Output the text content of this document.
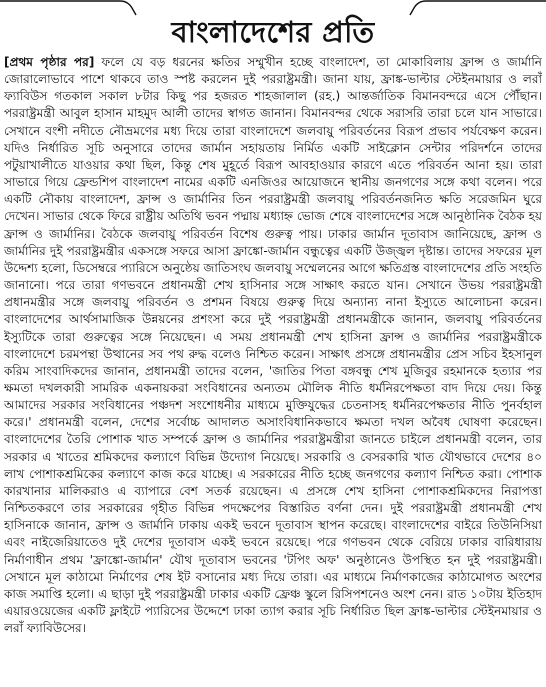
বাংলাদেশের প্রতি
[প্রথম পৃষ্ঠার পর] ফলে যে বড় ধরনের ক্ষতির সম্মুখীন হচ্ছে বাংলাদেশ, তা মোকাবিলায় ফ্রান্স ও জার্মানি জোরালোভাবে পাশে থাকবে তাও স্পষ্ট করলেন দুই পররাষ্ট্রমন্ত্রী। জানা যায়, ফ্রাঙ্ক-ভাল্টার স্টেইনমায়ার ও লরাঁ ফ্যাবিউস গতকাল সকাল ৮টার কিছু পর হজরত শাহজালাল (রহ.) আন্তর্জাতিক বিমানবন্দরে এসে পৌঁছান। পররাষ্ট্রমন্ত্রী আবুল হাসান মাহমুদ আলী তাদের স্বাগত জানান। বিমানবন্দর থেকে সরাসরি তারা চলে যান সাভারে। সেখানে বংশী নদীতে নৌভ্রমণের মধ্য দিয়ে তারা বাংলাদেশে জলবায়ু পরিবর্তনের বিরূপ প্রভাব পর্যবেক্ষণ করেন। যদিও নির্ধারিত সূচি অনুসারে তাদের জার্মান সহায়তায় নির্মিত একটি সাইক্লোন সেন্টার পরিদর্শনে তাদের পটুয়াখালীতে যাওয়ার কথা ছিল, কিন্তু শেষ মুহূর্তে বিরূপ আবহাওয়ার কারণে এতে পরিবর্তন আনা হয়। তারা সাভারে গিয়ে ফ্রেন্ডশিপ বাংলাদেশ নামের একটি এনজিওর আয়োজনে স্থানীয় জনগণের সঙ্গে কথা বলেন। পরে একটি নৌকায় বাংলাদেশ, ফ্রান্স ও জার্মানির তিন পররাষ্ট্রমন্ত্রী জলবায়ু পরিবর্তনজনিত ক্ষতি সরেজমিন ঘুরে দেখেন। সাভার থেকে ফিরে রাষ্ট্রীয় অতিথি ভবন পদ্মায় মধ্যাহ্ন ভোজ শেষে বাংলাদেশের সঙ্গে আনুষ্ঠানিক বৈঠক হয় ফ্রান্স ও জার্মানির। বৈঠকে জলবায়ু পরিবর্তন বিশেষ গুরুত্ব পায়। ঢাকার জার্মান দূতাবাস জানিয়েছে, ফ্রান্স ও জার্মানির দুই পররাষ্ট্রমন্ত্রীর একসঙ্গে সফরে আসা ফ্রাঙ্কো-জার্মান বন্ধুত্বের একটি উজ্জ্বল দৃষ্টান্ত। তাদের সফরের মূল উদ্দেশ্য হলো, ডিসেম্বরে প্যারিসে অনুষ্ঠেয় জাতিসংঘ জলবায়ু সম্মেলনের আগে ক্ষতিগ্রস্ত বাংলাদেশের প্রতি সংহতি জানানো। পরে তারা গণভবনে প্রধানমন্ত্রী শেখ হাসিনার সঙ্গে সাক্ষাৎ করতে যান। সেখানে উভয় পররাষ্ট্রমন্ত্রী প্রধানমন্ত্রীর সঙ্গে জলবায়ু পরিবর্তন ও প্রশমন বিষয়ে গুরুত্ব দিয়ে অন্যান্য নানা ইস্যুতে আলোচনা করেন। বাংলাদেশের আর্থসামাজিক উন্নয়নের প্রশংসা করে দুই পররাষ্ট্রমন্ত্রী প্রধানমন্ত্রীকে জানান, জলবায়ু পরিবর্তনের ইস্যুটিকে তারা গুরুত্বের সঙ্গে নিয়েছেন। এ সময় প্রধানমন্ত্রী শেখ হাসিনা ফ্রান্স ও জার্মানির পররাষ্ট্রমন্ত্রীকে বাংলাদেশে চরমপন্থা উত্থানের সব পথ রুদ্ধ বলেও নিশ্চিত করেন। সাক্ষাৎ প্রসঙ্গে প্রধানমন্ত্রীর প্রেস সচিব ইহসানুল করিম সাংবাদিকদের জানান, প্রধানমন্ত্রী তাদের বলেন, 'জাতির পিতা বঙ্গবন্ধু শেখ মুজিবুর রহমানকে হত্যার পর ক্ষমতা দখলকারী সামরিক একনায়করা সংবিধানের অন্যতম মৌলিক নীতি ধর্মনিরপেক্ষতা বাদ দিয়ে দেয়। কিন্তু আমাদের সরকার সংবিধানের পঞ্চদশ সংশোধনীর মাধ্যমে মুক্তিযুদ্ধের চেতনাসহ ধর্মনিরপেক্ষতার নীতি পুনর্বহাল করে।' প্রধানমন্ত্রী বলেন, দেশের সর্বোচ্চ আদালত অসাংবিধানিকভাবে ক্ষমতা দখল অবৈধ ঘোষণা করেছেন। বাংলাদেশের তৈরি পোশাক খাত সম্পর্কে ফ্রান্স ও জার্মানির পররাষ্ট্রমন্ত্রীরা জানতে চাইলে প্রধানমন্ত্রী বলেন, তার সরকার এ খাতের শ্রমিকদের কল্যাণে বিভিন্ন উদ্যোগ নিয়েছে। সরকারি ও বেসরকারি খাত যৌথভাবে দেশের ৪০ লাখ পোশাকশ্রমিকের কল্যাণে কাজ করে যাচ্ছে। এ সরকারের নীতি হচ্ছে জনগণের কল্যাণ নিশ্চিত করা। পোশাক কারখানার মালিকরাও এ ব্যাপারে বেশ সতর্ক রয়েছেন। এ প্রসঙ্গে শেখ হাসিনা পোশাকশ্রমিকদের নিরাপত্তা নিশ্চিতকরণে তার সরকারের গৃহীত বিভিন্ন পদক্ষেপের বিস্তারিত বর্ণনা দেন। দুই পররাষ্ট্রমন্ত্রী প্রধানমন্ত্রী শেখ হাসিনাকে জানান, ফ্রান্স ও জার্মানি ঢাকায় একই ভবনে দূতাবাস স্থাপন করেছে। বাংলাদেশের বাইরে তিউনিসিয়া এবং নাইজেরিয়াতেও দুই দেশের দূতাবাস একই ভবনে রয়েছে। পরে গণভবন থেকে বেরিয়ে ঢাকার বারিধারায় নির্মাণাধীন প্রথম 'ফ্রাঙ্কো-জার্মান' যৌথ দূতাবাস ভবনের 'টপিং অফ' অনুষ্ঠানেও উপস্থিত হন দুই পররাষ্ট্রমন্ত্রী। সেখানে মূল কাঠামো নির্মাণের শেষ ইট বসানোর মধ্য দিয়ে তারা। এর মাধ্যমে নির্মাণকাজের কাঠামোগত অংশের কাজ সমাপ্তি হলো। এ ছাড়া দুই পররাষ্ট্রমন্ত্রী ঢাকার একটি ফ্রেঞ্চ স্কুলে রিসিপশনেও অংশ নেন। রাত ১০টায় ইতিহাদ এয়ারওয়েজের একটি ফ্লাইটে প্যারিসের উদ্দেশে ঢাকা ত্যাগ করার সূচি নির্ধারিত ছিল ফ্রাঙ্ক-ভাল্টার স্টেইনমায়ার ও লরাঁ ফ্যাবিউসের।
